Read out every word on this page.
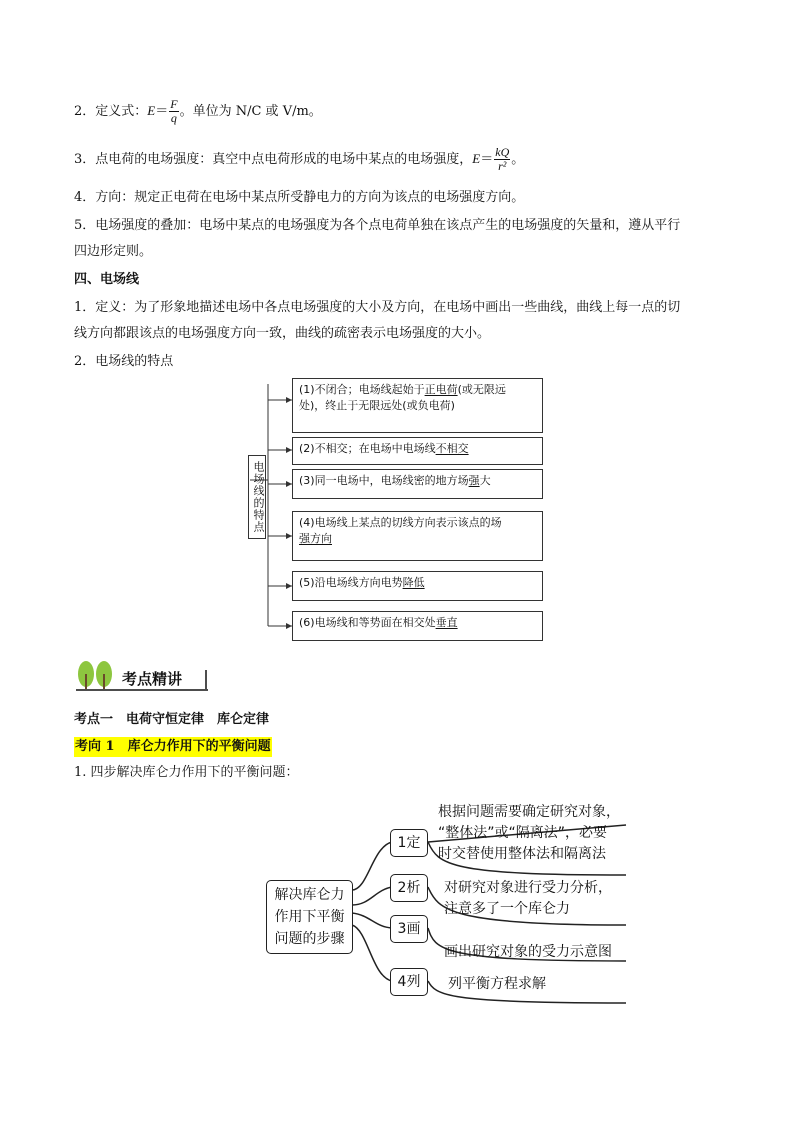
2．定义式：$E= \frac{F}{q}$ 。单位为 N/C 或 V/m。
3．点电荷的电场强度：真空中点电荷形成的电场中某点的电场强度，$E= \frac{kQ}{\text{r²}}$ 。
4．方向：规定正电荷在电场中某点所受静电力的方向为该点的电场强度方向。
5．电场强度的叠加：电场中某点的电场强度为各个点电荷单独在该点产生的电场强度的矢量和，遵从平行
四边形定则。
四、电场线
1．定义：为了形象地描述电场中各点电场强度的大小及方向，在电场中画出一些曲线，曲线上每一点的切
线方向都跟该点的电场强度方向一致，曲线的疏密表示电场强度的大小。
2．电场线的特点
电场线的特点
(1)不闭合；电场线起始于正电荷(或无限远
处)，终止于无限远处(或负电荷)
(2)不相交；在电场中电场线不相交
(3)同一电场中，电场线密的地方场强大
(4)电场线上某点的切线方向表示该点的场
强方向
(5)沿电场线方向电势降低
(6)电场线和等势面在相交处垂直
考点精讲
考点一　电荷守恒定律　库仑定律
考向 1　库仑力作用下的平衡问题
1. 四步解决库仑力作用下的平衡问题：
解决库仑力
作用下平衡
问题的步骤
1定
2析
3画
4列
根据问题需要确定研究对象，
“整体法”或“隔离法”，必要
时交替使用整体法和隔离法
对研究对象进行受力分析，
注意多了一个库仑力
画出研究对象的受力示意图
列平衡方程求解
